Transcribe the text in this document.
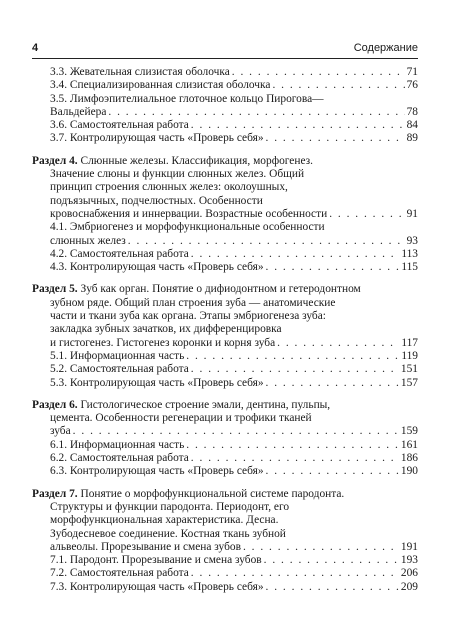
4	Содержание
3.3. Жевательная слизистая оболочка . . .	71
3.4. Специализированная слизистая оболочка . . .	76
3.5. Лимфоэпителиальное глоточное кольцо Пирогова—
Вальдейера . . .	78
3.6. Самостоятельная работа . . .	84
3.7. Контролирующая часть «Проверь себя» . . .	89
Раздел 4. Слюнные железы. Классификация, морфогенез.
Значение слюны и функции слюнных желез. Общий
принцип строения слюнных желез: околоушных,
подъязычных, подчелюстных. Особенности
кровоснабжения и иннервации. Возрастные особенности . . .	91
4.1. Эмбриогенез и морфофункциональные особенности
слюнных желез . . .	93
4.2. Самостоятельная работа . . .	113
4.3. Контролирующая часть «Проверь себя» . . .	115
Раздел 5. Зуб как орган. Понятие о дифиодонтном и гетеродонтном
зубном ряде. Общий план строения зуба — анатомические
части и ткани зуба как органа. Этапы эмбриогенеза зуба:
закладка зубных зачатков, их дифференцировка
и гистогенез. Гистогенез коронки и корня зуба . . .	117
5.1. Информационная часть . . .	119
5.2. Самостоятельная работа . . .	151
5.3. Контролирующая часть «Проверь себя» . . .	157
Раздел 6. Гистологическое строение эмали, дентина, пульпы,
цемента. Особенности регенерации и трофики тканей
зуба . . .	159
6.1. Информационная часть . . .	161
6.2. Самостоятельная работа . . .	186
6.3. Контролирующая часть «Проверь себя» . . .	190
Раздел 7. Понятие о морфофункциональной системе пародонта.
Структуры и функции пародонта. Периодонт, его
морфофункциональная характеристика. Десна.
Зубодесневое соединение. Костная ткань зубной
альвеолы. Прорезывание и смена зубов . . .	191
7.1. Пародонт. Прорезывание и смена зубов . . .	193
7.2. Самостоятельная работа . . .	206
7.3. Контролирующая часть «Проверь себя» . . .	209
